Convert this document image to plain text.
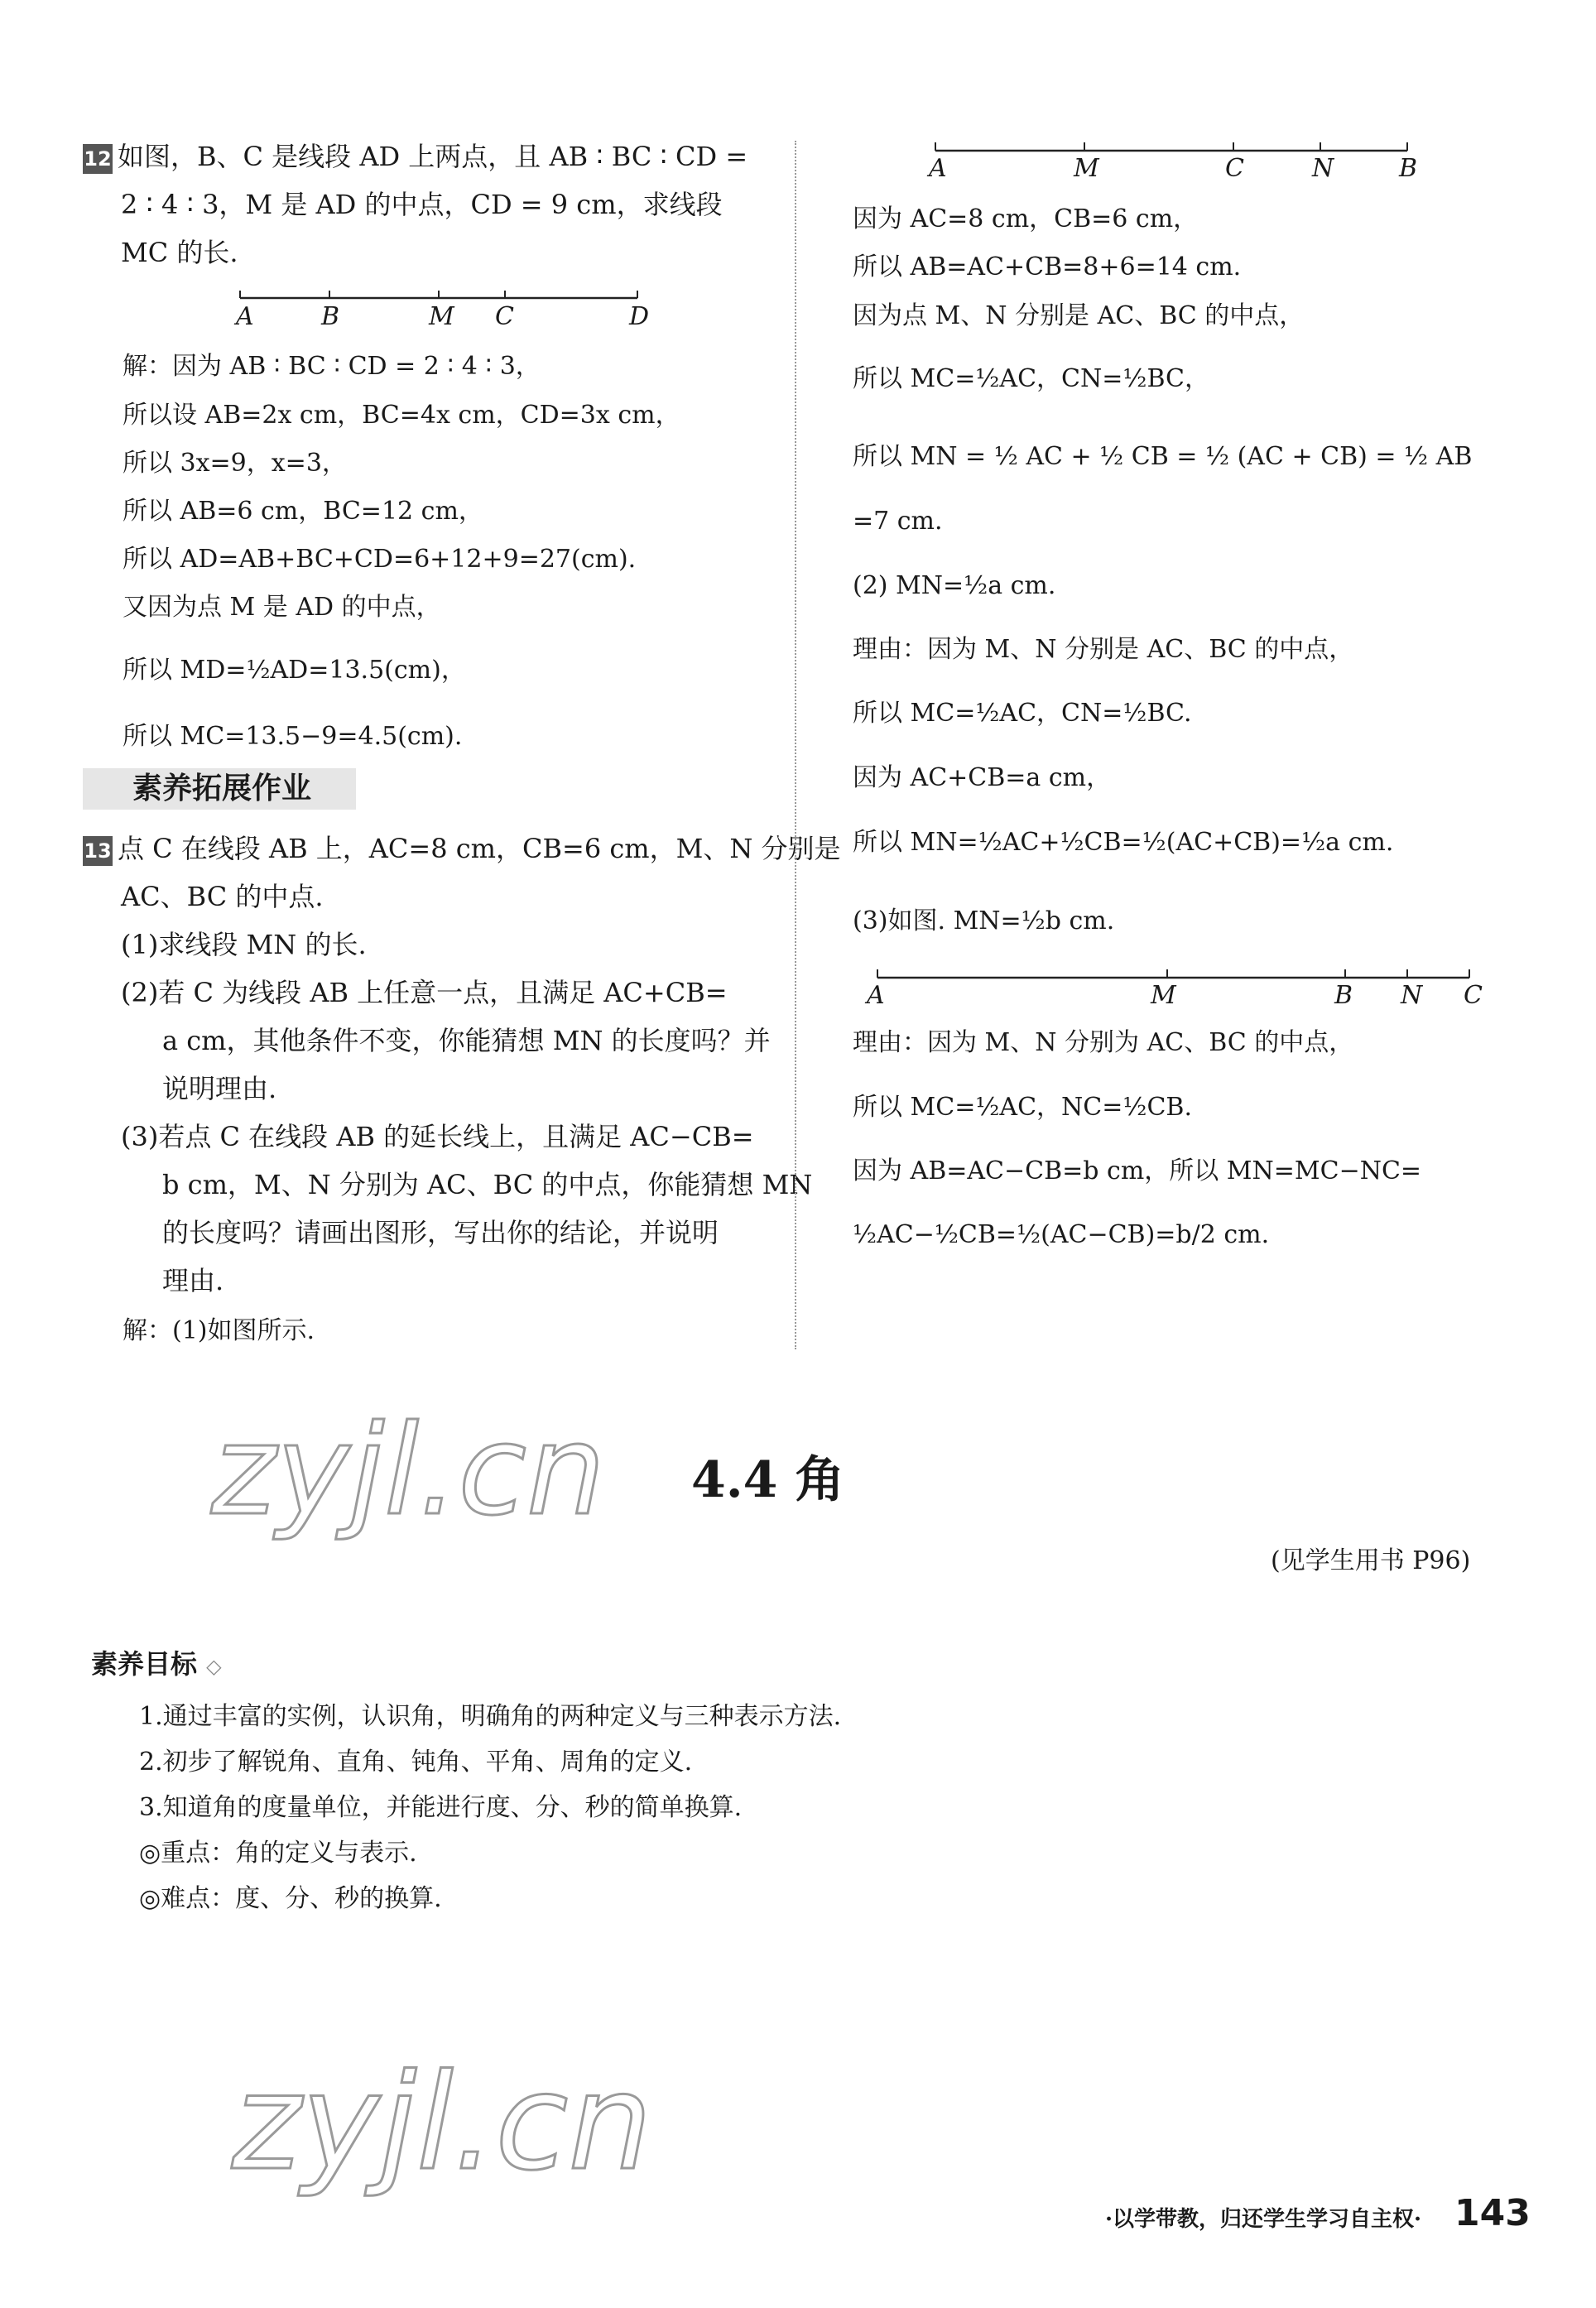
12 如图，B、C 是线段 AD 上两点，且 AB ∶ BC ∶ CD =
2 ∶ 4 ∶ 3，M 是 AD 的中点，CD = 9 cm，求线段
MC 的长.
A	B	M C	D
解：因为 AB ∶ BC ∶ CD = 2 ∶ 4 ∶ 3，
所以设 AB=2x cm，BC=4x cm，CD=3x cm，
所以 3x=9，x=3，
所以 AB=6 cm，BC=12 cm，
所以 AD=AB+BC+CD=6+12+9=27(cm).
又因为点 M 是 AD 的中点，
所以 MD=½AD=13.5(cm)，
所以 MC=13.5−9=4.5(cm).
素养拓展作业
13 点 C 在线段 AB 上，AC=8 cm，CB=6 cm，M、N 分别是
AC、BC 的中点.
(1)求线段 MN 的长.
(2)若 C 为线段 AB 上任意一点，且满足 AC+CB=
a cm，其他条件不变，你能猜想 MN 的长度吗？并
说明理由.
(3)若点 C 在线段 AB 的延长线上，且满足 AC−CB=
b cm，M、N 分别为 AC、BC 的中点，你能猜想 MN
的长度吗？请画出图形，写出你的结论，并说明
理由.
解：(1)如图所示.
A	M	C	N	B
因为 AC=8 cm，CB=6 cm，
所以 AB=AC+CB=8+6=14 cm.
因为点 M、N 分别是 AC、BC 的中点，
所以 MC=½AC，CN=½BC，
所以 MN = ½ AC + ½ CB = ½ (AC + CB) = ½ AB
=7 cm.
(2) MN=½a cm.
理由：因为 M、N 分别是 AC、BC 的中点，
所以 MC=½AC，CN=½BC.
因为 AC+CB=a cm，
所以 MN=½AC+½CB=½(AC+CB)=½a cm.
(3)如图. MN=½b cm.
A	M	B N C
理由：因为 M、N 分别为 AC、BC 的中点，
所以 MC=½AC，NC=½CB.
因为 AB=AC−CB=b cm，所以 MN=MC−NC=
½AC−½CB=½(AC−CB)=b/2 cm.
zyjl.cn 4.4 角
(见学生用书 P96)
素养目标 ◇
1.通过丰富的实例，认识角，明确角的两种定义与三种表示方法.
2.初步了解锐角、直角、钝角、平角、周角的定义.
3.知道角的度量单位，并能进行度、分、秒的简单换算.
◎重点：角的定义与表示.
◎难点：度、分、秒的换算.
zyjl.cn
·以学带教，归还学生学习自主权· 143
